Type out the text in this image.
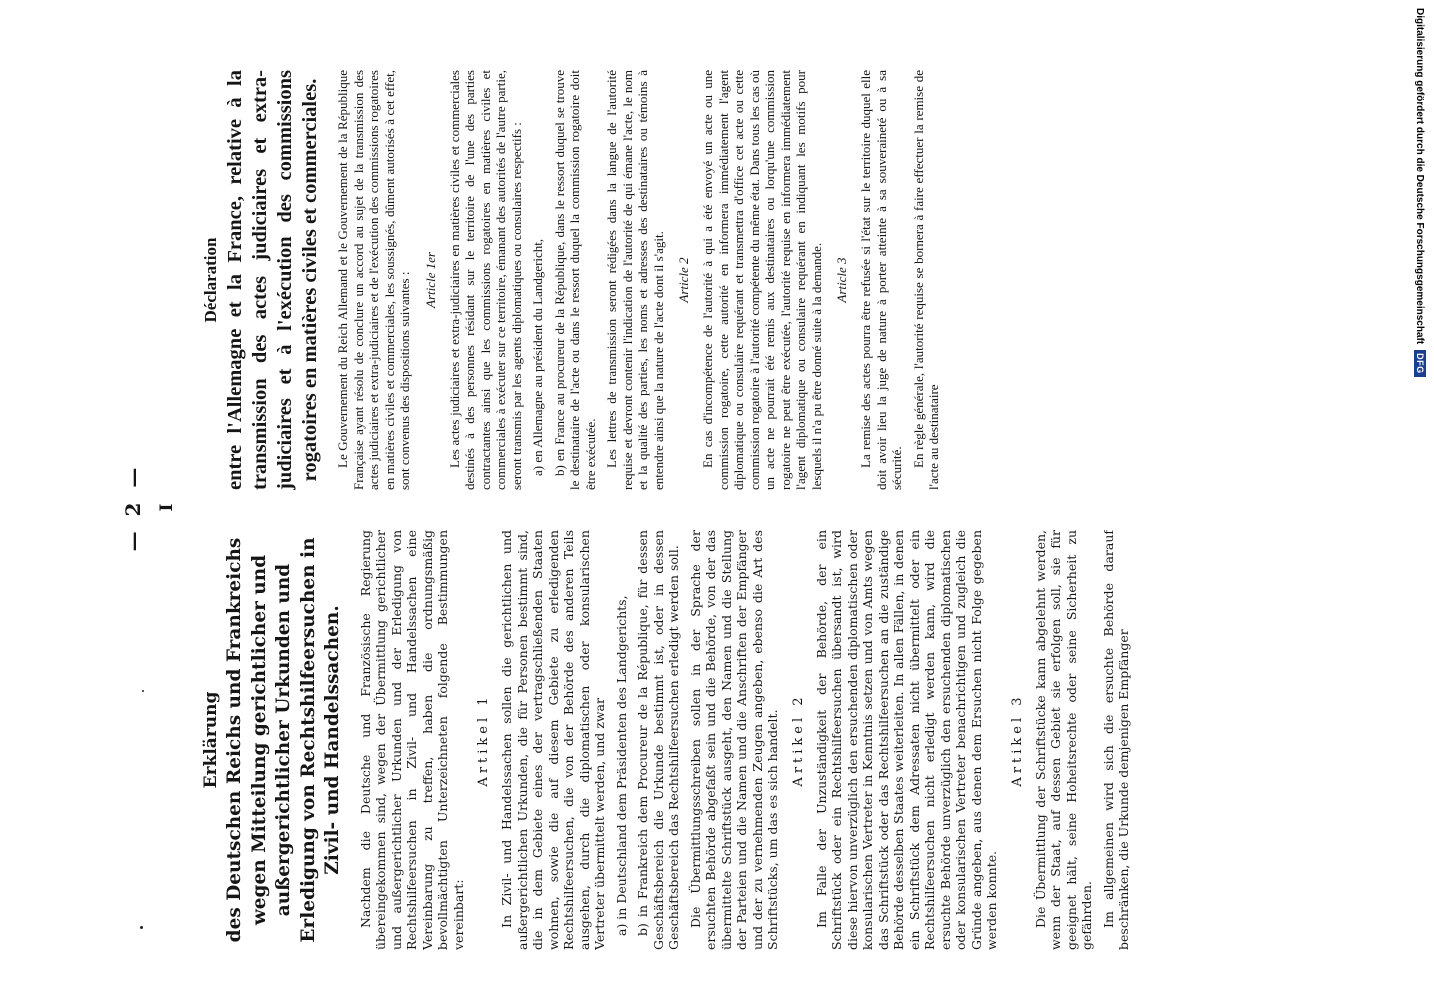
— 2 — I
Erklärung des Deutschen Reichs und Frankreichs wegen Mitteilung gerichtlicher und außergerichtlicher Urkunden und Erledigung von Rechtshilfeersuchen in Zivil- und Handelssachen. Nachdem die Deutsche und Französische Regierung übereingekommen sind, wegen der Übermittlung gerichtlicher und außergerichtlicher Urkunden und der Erledigung von Rechtshilfeersuchen in Zivil- und Handelssachen eine Vereinbarung zu treffen, haben die ordnungsmäßig bevollmächtigten Unterzeichneten folgende Bestimmungen vereinbart:

Artikel 1 In Zivil- und Handelssachen sollen die gerichtlichen und außergerichtlichen Urkunden, die für Personen bestimmt sind, die in dem Gebiete eines der vertragschließenden Staaten wohnen, sowie die auf diesem Gebiete zu erledigenden Rechtshilfeersuchen, die von der Behörde des anderen Teils ausgehen, durch die diplomatischen oder konsularischen Vertreter übermittelt werden, und zwar a) in Deutschland dem Präsidenten des Landgerichts, b) in Frankreich dem Procureur de la République, für dessen Geschäftsbereich die Urkunde bestimmt ist, oder in dessen Geschäftsbereich das Rechtshilfeersuchen erledigt werden soll. Die Übermittlungsschreiben sollen in der Sprache der ersuchten Behörde abgefaßt sein und die Behörde, von der das übermittelte Schriftstück ausgeht, den Namen und die Stellung der Parteien und die Namen und die Anschriften der Empfänger und der zu vernehmenden Zeugen angeben, ebenso die Art des Schriftstücks, um das es sich handelt. Artikel 2 Im Falle der Unzuständigkeit der Behörde, der ein Schriftstück oder ein Rechtshilfeersuchen übersandt ist, wird diese hiervon unverzüglich den ersuchenden diplomatischen oder konsularischen Vertreter in Kenntnis setzen und von Amts wegen das Schriftstück oder das Rechtshilfeersuchen an die zuständige Behörde desselben Staates weiterleiten. In allen Fällen, in denen ein Schriftstück dem Adressaten nicht übermittelt oder ein Rechtshilfeersuchen nicht erledigt werden kann, wird die ersuchte Behörde unverzüglich den ersuchenden diplomatischen oder konsularischen Vertreter benachrichtigen und zugleich die Gründe angeben, aus denen dem Ersuchen nicht Folge gegeben werden konnte.

Artikel 3 Die Übermittlung der Schriftstücke kann abgelehnt werden, wenn der Staat, auf dessen Gebiet sie erfolgen soll, sie für geeignet hält, seine Hoheitsrechte oder seine Sicherheit zu gefährden. Im allgemeinen wird sich die ersuchte Behörde darauf beschränken, die Urkunde demjenigen Empfänger

Déclaration entre l'Allemagne et la France, relative à la transmission des actes judiciaires et extra-judiciaires et à l'exécution des commissions rogatoires en matières civiles et commerciales. Le Gouvernement du Reich Allemand et le Gouvernement de la République Française ayant résolu de conclure un accord au sujet de la transmission des actes judiciaires et extra-judiciaires et de l'exécution des commissions rogatoires en matières civiles et commerciales, les soussignés, dûment autorisés à cet effet, sont convenus des dispositions suivantes : Article 1er Les actes judiciaires et extra-judiciaires en matières civiles et commerciales destinés à des personnes résidant sur le territoire de l'une des parties contractantes ainsi que les commissions rogatoires en matières civiles et commerciales à exécuter sur ce territoire, émanant des autorités de l'autre partie, seront transmis par les agents diplomatiques ou consulaires respectifs : a) en Allemagne au président du Landgericht, b) en France au procureur de la République, dans le ressort duquel se trouve le destinataire de l'acte ou dans le ressort duquel la commission rogatoire doit être exécutée. Les lettres de transmission seront rédigées dans la langue de l'autorité requise et devront contenir l'indication de l'autorité de qui émane l'acte, le nom et la qualité des parties, les noms et adresses des destinataires ou témoins à entendre ainsi que la nature de l'acte dont il s'agit. Article 2 En cas d'incompétence de l'autorité à qui a été envoyé un acte ou une commission rogatoire, cette autorité en informera immédiatement l'agent diplomatique ou consulaire requérant et transmettra d'office cet acte ou cette commission rogatoire à l'autorité compétente du même état. Dans tous les cas où un acte ne pourrait été remis aux destinataires ou lorqu'une commission rogatoire ne peut être exécutée, l'autorité requise en informera immédiatement l'agent diplomatique ou consulaire requérant en indiquant les motifs pour lesquels il n'a pu être donné suite à la demande. Article 3 La remise des actes pourra être refusée si l'état sur le territoire duquel elle doit avoir lieu la juge de nature à porter atteinte à sa souveraineté ou à sa sécurité.

En règle générale, l'autorité requise se bornera à faire effectuer la remise de l'acte au destinataire

Digitalisierung gefördert durch die Deutsche Forschungsgemeinschaft
DFG
